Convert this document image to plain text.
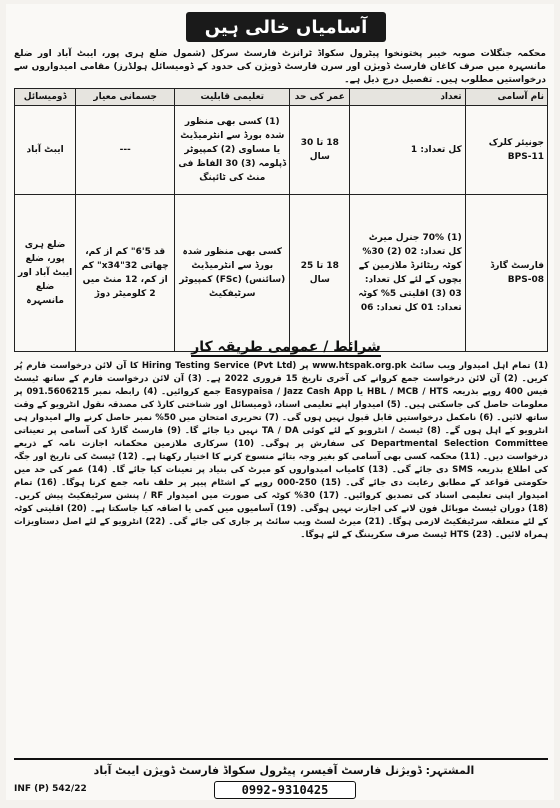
آسامیاں خالی ہیں
محکمہ جنگلات صوبہ خیبر پختونخوا پیٹرول سکواڈ ٹرانزٹ فارسٹ سرکل (شمول ضلع ہری پور، ایبٹ آباد اور ضلع مانسہرہ میں صرف کاغان فارسٹ ڈویژن اور سرن فارسٹ ڈویژن کی حدود کے ڈومیسائل ہولڈرز) مقامی امیدواروں سے درخواستیں مطلوب ہیں۔ تفصیل درج ذیل ہے۔
نام آسامی	تعداد	عمر کی حد	تعلیمی قابلیت	جسمانی معیار	ڈومیسائل
جونیئر کلرک BPS-11	کل تعداد: 1	18 تا 30 سال	(1) کسی بھی منظور شدہ بورڈ سے انٹرمیڈیٹ یا مساوی (2) کمپیوٹر ڈپلومہ (3) 30 الفاظ فی منٹ کی ٹائپنگ	---	ایبٹ آباد
فارسٹ گارڈ BPS-08	(1) 70% جنرل میرٹ کل تعداد: 02 (2) 30% کوٹہ ریٹائرڈ ملازمین کے بچوں کے لئے کل تعداد: 03 (3) اقلیتی 5% کوٹہ تعداد: 01 کل تعداد: 06	18 تا 25 سال	کسی بھی منظور شدہ بورڈ سے انٹرمیڈیٹ (سائنس) (FSc) کمپیوٹر سرٹیفکیٹ	قد 5'6" کم از کم، چھاتی 32"x34" کم از کم، 12 منٹ میں 2 کلومیٹر دوڑ	ضلع ہری پور، ضلع ایبٹ آباد اور ضلع مانسہرہ
شرائط / عمومی طریقہ کار
(1) تمام اہل امیدوار ویب سائٹ www.htspak.org.pk پر Hiring Testing Service (Pvt Ltd) کا آن لائن درخواست فارم پُر کریں۔ (2) آن لائن درخواست جمع کروانے کی آخری تاریخ 15 فروری 2022 ہے۔ (3) آن لائن درخواست فارم کے ساتھ ٹیسٹ فیس 400 روپے بذریعہ HBL / MCB / HTS یا Easypaisa / Jazz Cash App جمع کروائیں۔ (4) رابطہ نمبر 091.5606215 پر معلومات حاصل کی جاسکتی ہیں۔ (5) امیدوار اپنے تعلیمی اسناد، ڈومیسائل اور شناختی کارڈ کی مصدقہ نقول انٹرویو کے وقت ساتھ لائیں۔ (6) نامکمل درخواستیں قابل قبول نہیں ہوں گی۔ (7) تحریری امتحان میں 50% نمبر حاصل کرنے والے امیدوار ہی انٹرویو کے اہل ہوں گے۔ (8) ٹیسٹ / انٹرویو کے لئے کوئی TA / DA نہیں دیا جائے گا۔ (9) فارسٹ گارڈ کی آسامی پر تعیناتی Departmental Selection Committee کی سفارش پر ہوگی۔ (10) سرکاری ملازمین محکمانہ اجازت نامہ کے ذریعے درخواست دیں۔ (11) محکمہ کسی بھی آسامی کو بغیر وجہ بتائے منسوخ کرنے کا اختیار رکھتا ہے۔ (12) ٹیسٹ کی تاریخ اور جگہ کی اطلاع بذریعہ SMS دی جائے گی۔ (13) کامیاب امیدواروں کو میرٹ کی بنیاد پر تعینات کیا جائے گا۔ (14) عمر کی حد میں حکومتی قواعد کے مطابق رعایت دی جائے گی۔ (15) 250-000 روپے کے اشٹام پیپر پر حلف نامہ جمع کرنا ہوگا۔ (16) تمام امیدوار اپنی تعلیمی اسناد کی تصدیق کروائیں۔ (17) 30% کوٹہ کی صورت میں امیدوار RF / پنشن سرٹیفکیٹ پیش کریں۔ (18) دوران ٹیسٹ موبائل فون لانے کی اجازت نہیں ہوگی۔ (19) آسامیوں میں کمی یا اضافہ کیا جاسکتا ہے۔ (20) اقلیتی کوٹہ کے لئے متعلقہ سرٹیفکیٹ لازمی ہوگا۔ (21) میرٹ لسٹ ویب سائٹ پر جاری کی جائے گی۔ (22) انٹرویو کے لئے اصل دستاویزات ہمراہ لائیں۔ (23) HTS ٹیسٹ صرف سکریننگ کے لئے ہوگا۔
المشتہر: ڈویژنل فارسٹ آفیسر، پیٹرول سکواڈ فارسٹ ڈویژن ایبٹ آباد
0992-9310425
INF (P) 542/22
